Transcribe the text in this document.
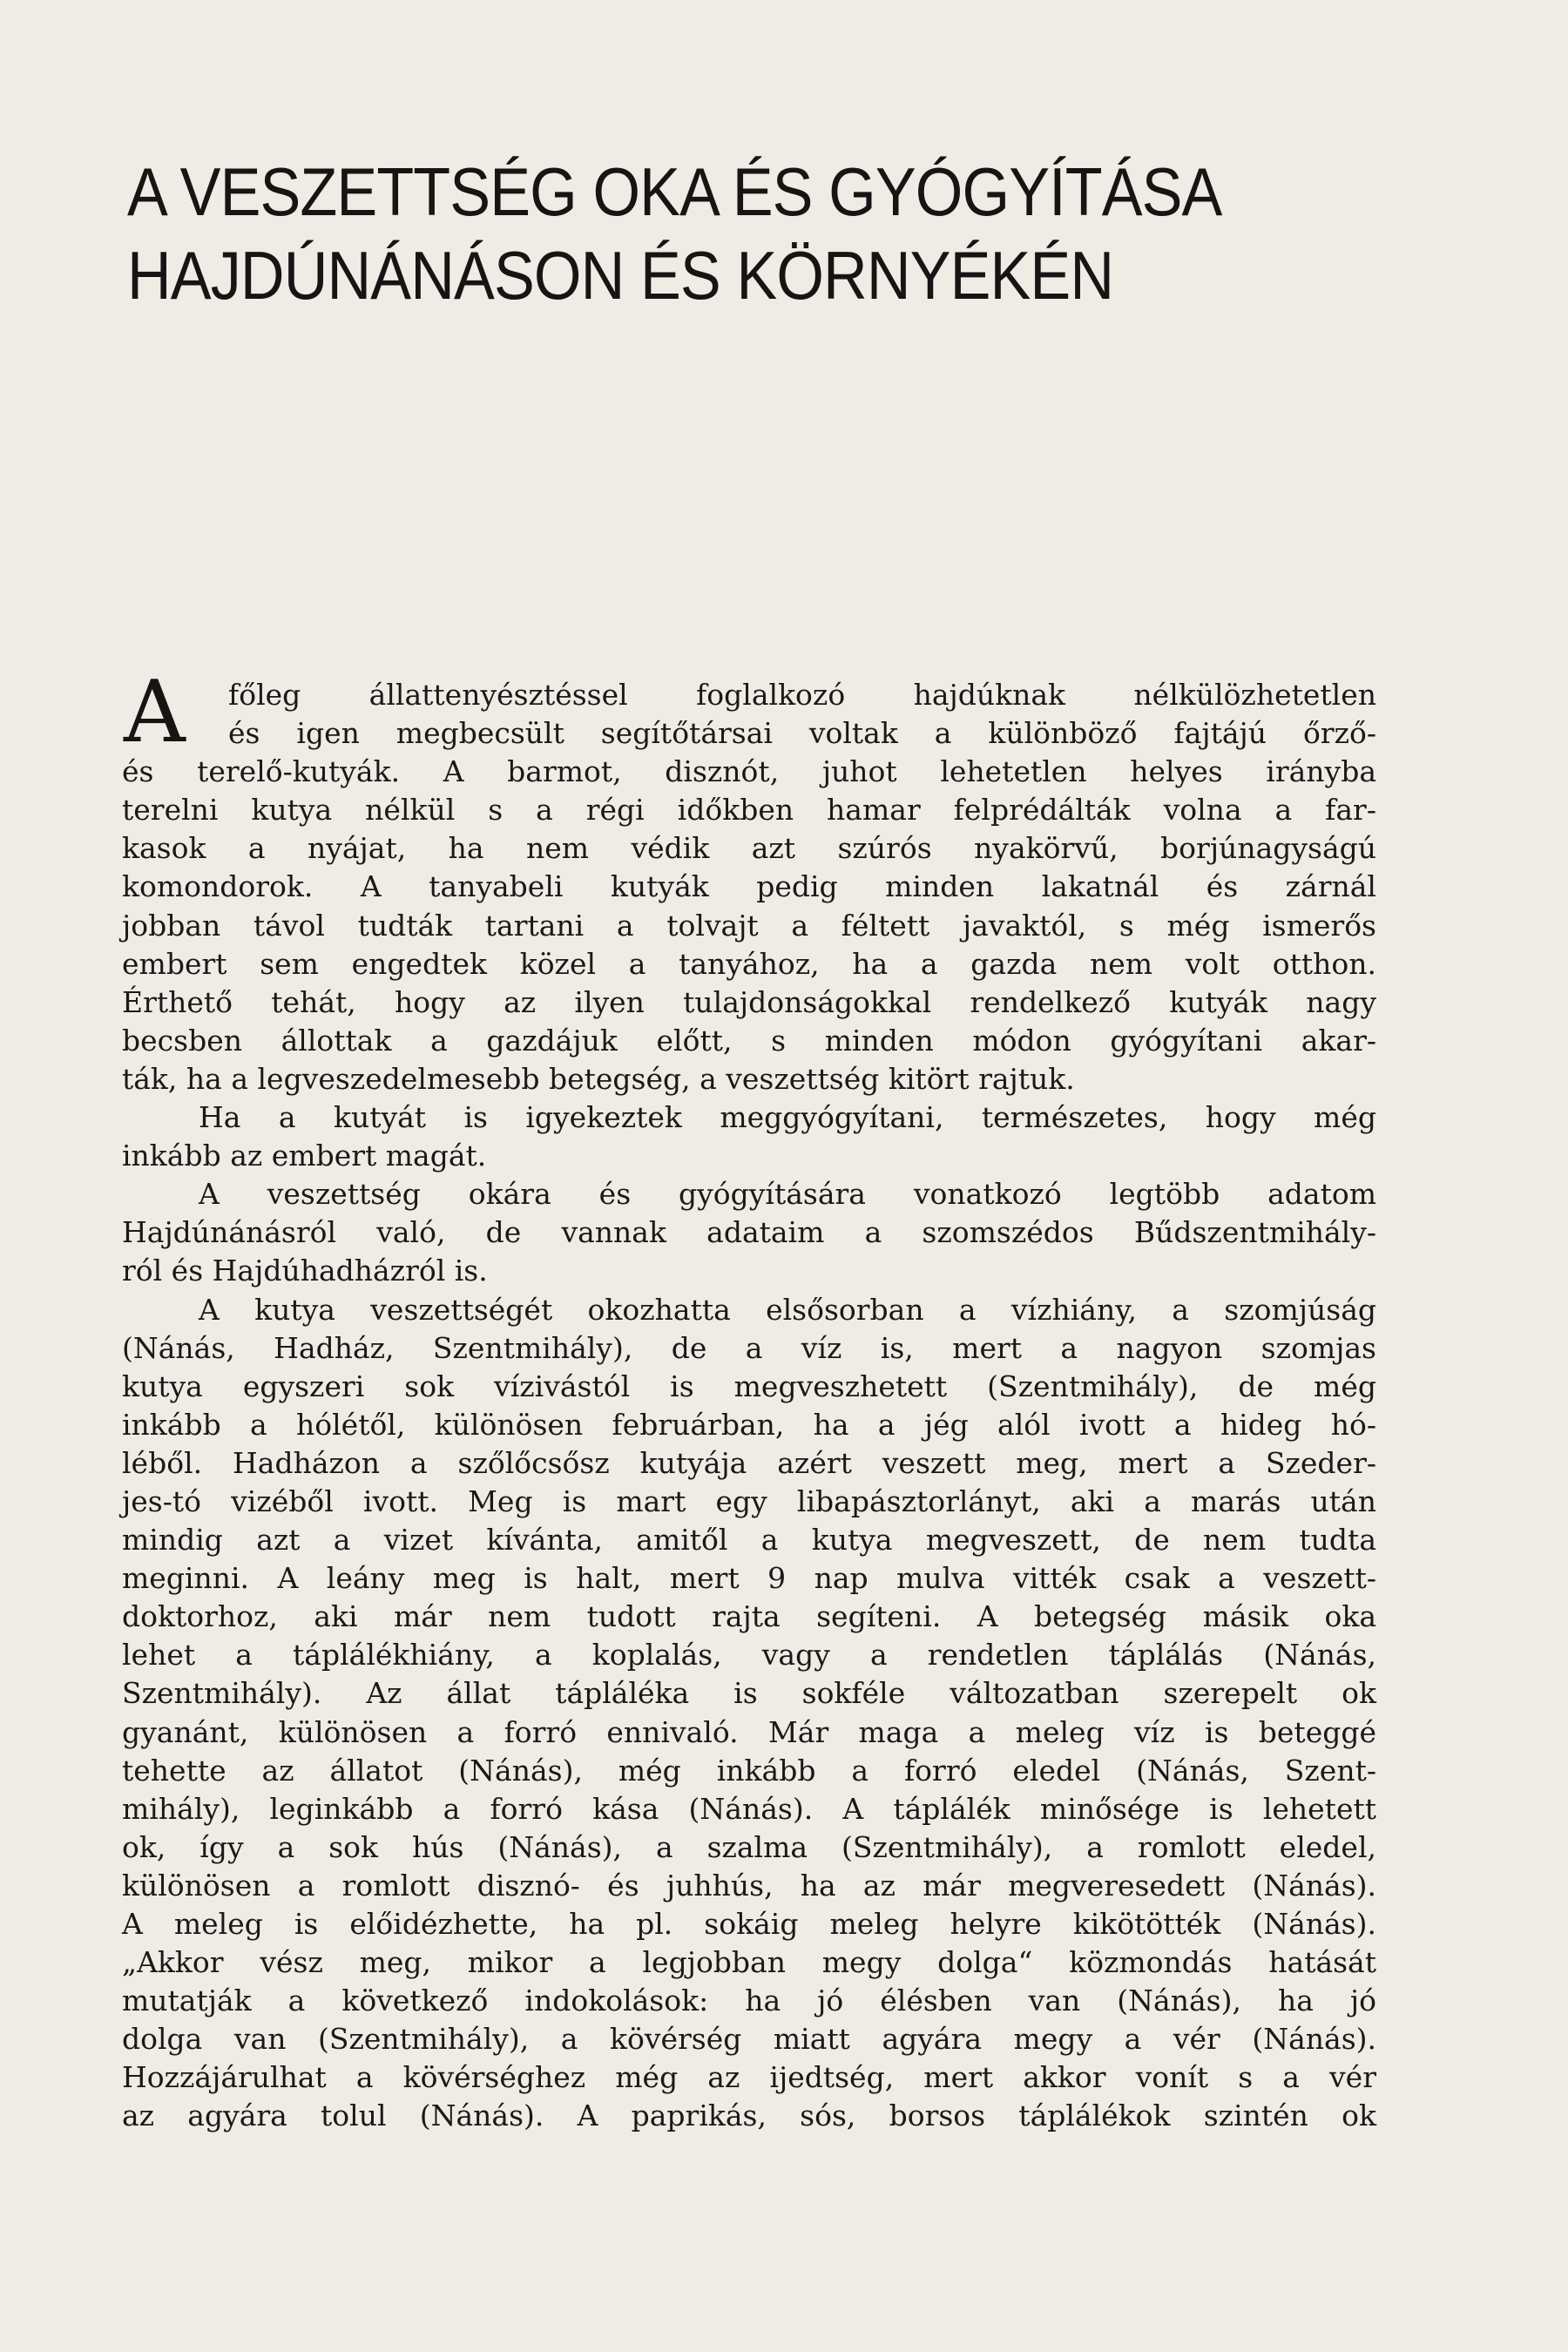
A VESZETTSÉG OKA ÉS GYÓGYÍTÁSA
HAJDÚNÁNÁSON ÉS KÖRNYÉKÉN
A	főleg állattenyésztéssel foglalkozó hajdúknak nélkülözhetetlen
és igen megbecsült segítőtársai voltak a különböző fajtájú őrző-
és terelő-kutyák. A barmot, disznót, juhot lehetetlen helyes irányba
terelni kutya nélkül s a régi időkben hamar felprédálták volna a far-
kasok a nyájat, ha nem védik azt szúrós nyakörvű, borjúnagyságú
komondorok. A tanyabeli kutyák pedig minden lakatnál és zárnál
jobban távol tudták tartani a tolvajt a féltett javaktól, s még ismerős
embert sem engedtek közel a tanyához, ha a gazda nem volt otthon.
Érthető tehát, hogy az ilyen tulajdonságokkal rendelkező kutyák nagy
becsben állottak a gazdájuk előtt, s minden módon gyógyítani akar-
ták, ha a legveszedelmesebb betegség, a veszettség kitört rajtuk.
Ha a kutyát is igyekeztek meggyógyítani, természetes, hogy még
inkább az embert magát.
A veszettség okára és gyógyítására vonatkozó legtöbb adatom
Hajdúnánásról való, de vannak adataim a szomszédos Bűdszentmihály-
ról és Hajdúhadházról is.
A kutya veszettségét okozhatta elsősorban a vízhiány, a szomjúság
(Nánás, Hadház, Szentmihály), de a víz is, mert a nagyon szomjas
kutya egyszeri sok vízivástól is megveszhetett (Szentmihály), de még
inkább a hólétől, különösen februárban, ha a jég alól ivott a hideg hó-
léből. Hadházon a szőlőcsősz kutyája azért veszett meg, mert a Szeder-
jes-tó vizéből ivott. Meg is mart egy libapásztorlányt, aki a marás után
mindig azt a vizet kívánta, amitől a kutya megveszett, de nem tudta
meginni. A leány meg is halt, mert 9 nap mulva vitték csak a veszett-
doktorhoz, aki már nem tudott rajta segíteni. A betegség másik oka
lehet a táplálékhiány, a koplalás, vagy a rendetlen táplálás (Nánás,
Szentmihály). Az állat tápláléka is sokféle változatban szerepelt ok
gyanánt, különösen a forró ennivaló. Már maga a meleg víz is beteggé
tehette az állatot (Nánás), még inkább a forró eledel (Nánás, Szent-
mihály), leginkább a forró kása (Nánás). A táplálék minősége is lehetett
ok, így a sok hús (Nánás), a szalma (Szentmihály), a romlott eledel,
különösen a romlott disznó- és juhhús, ha az már megveresedett (Nánás).
A meleg is előidézhette, ha pl. sokáig meleg helyre kikötötték (Nánás).
„Akkor vész meg, mikor a legjobban megy dolga“ közmondás hatását
mutatják a következő indokolások: ha jó élésben van (Nánás), ha jó
dolga van (Szentmihály), a kövérség miatt agyára megy a vér (Nánás).
Hozzájárulhat a kövérséghez még az ijedtség, mert akkor vonít s a vér
az agyára tolul (Nánás). A paprikás, sós, borsos táplálékok szintén ok
